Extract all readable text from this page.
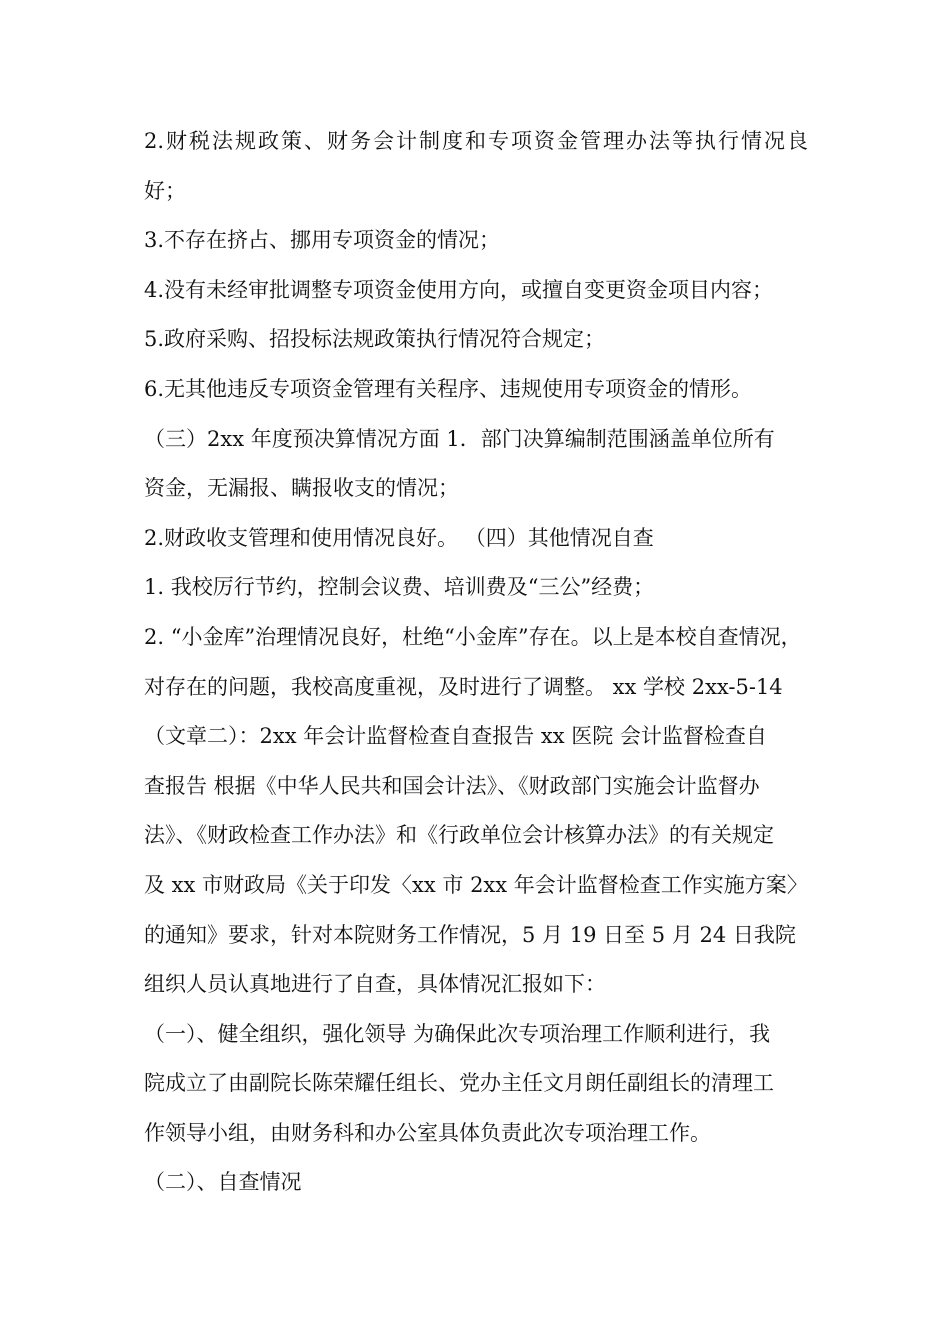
2.财税法规政策、财务会计制度和专项资金管理办法等执行情况良
好；
3.不存在挤占、挪用专项资金的情况；
4.没有未经审批调整专项资金使用方向，或擅自变更资金项目内容；
5.政府采购、招投标法规政策执行情况符合规定；
6.无其他违反专项资金管理有关程序、违规使用专项资金的情形。
（三）2xx 年度预决算情况方面 1．部门决算编制范围涵盖单位所有
资金，无漏报、瞒报收支的情况；
2.财政收支管理和使用情况良好。 （四）其他情况自查
1. 我校厉行节约，控制会议费、培训费及“三公”经费；
2. “小金库”治理情况良好，杜绝“小金库”存在。以上是本校自查情况，
对存在的问题，我校高度重视，及时进行了调整。 xx 学校 2xx-5-14
（文章二）：2xx 年会计监督检查自查报告 xx 医院 会计监督检查自
查报告 根据《中华人民共和国会计法》、《财政部门实施会计监督办
法》、《财政检查工作办法》和《行政单位会计核算办法》的有关规定
及 xx 市财政局《关于印发〈xx 市 2xx 年会计监督检查工作实施方案〉
的通知》要求，针对本院财务工作情况，5 月 19 日至 5 月 24 日我院
组织人员认真地进行了自查，具体情况汇报如下：
（一）、健全组织，强化领导 为确保此次专项治理工作顺利进行，我
院成立了由副院长陈荣耀任组长、党办主任文月朗任副组长的清理工
作领导小组，由财务科和办公室具体负责此次专项治理工作。
（二）、自查情况
